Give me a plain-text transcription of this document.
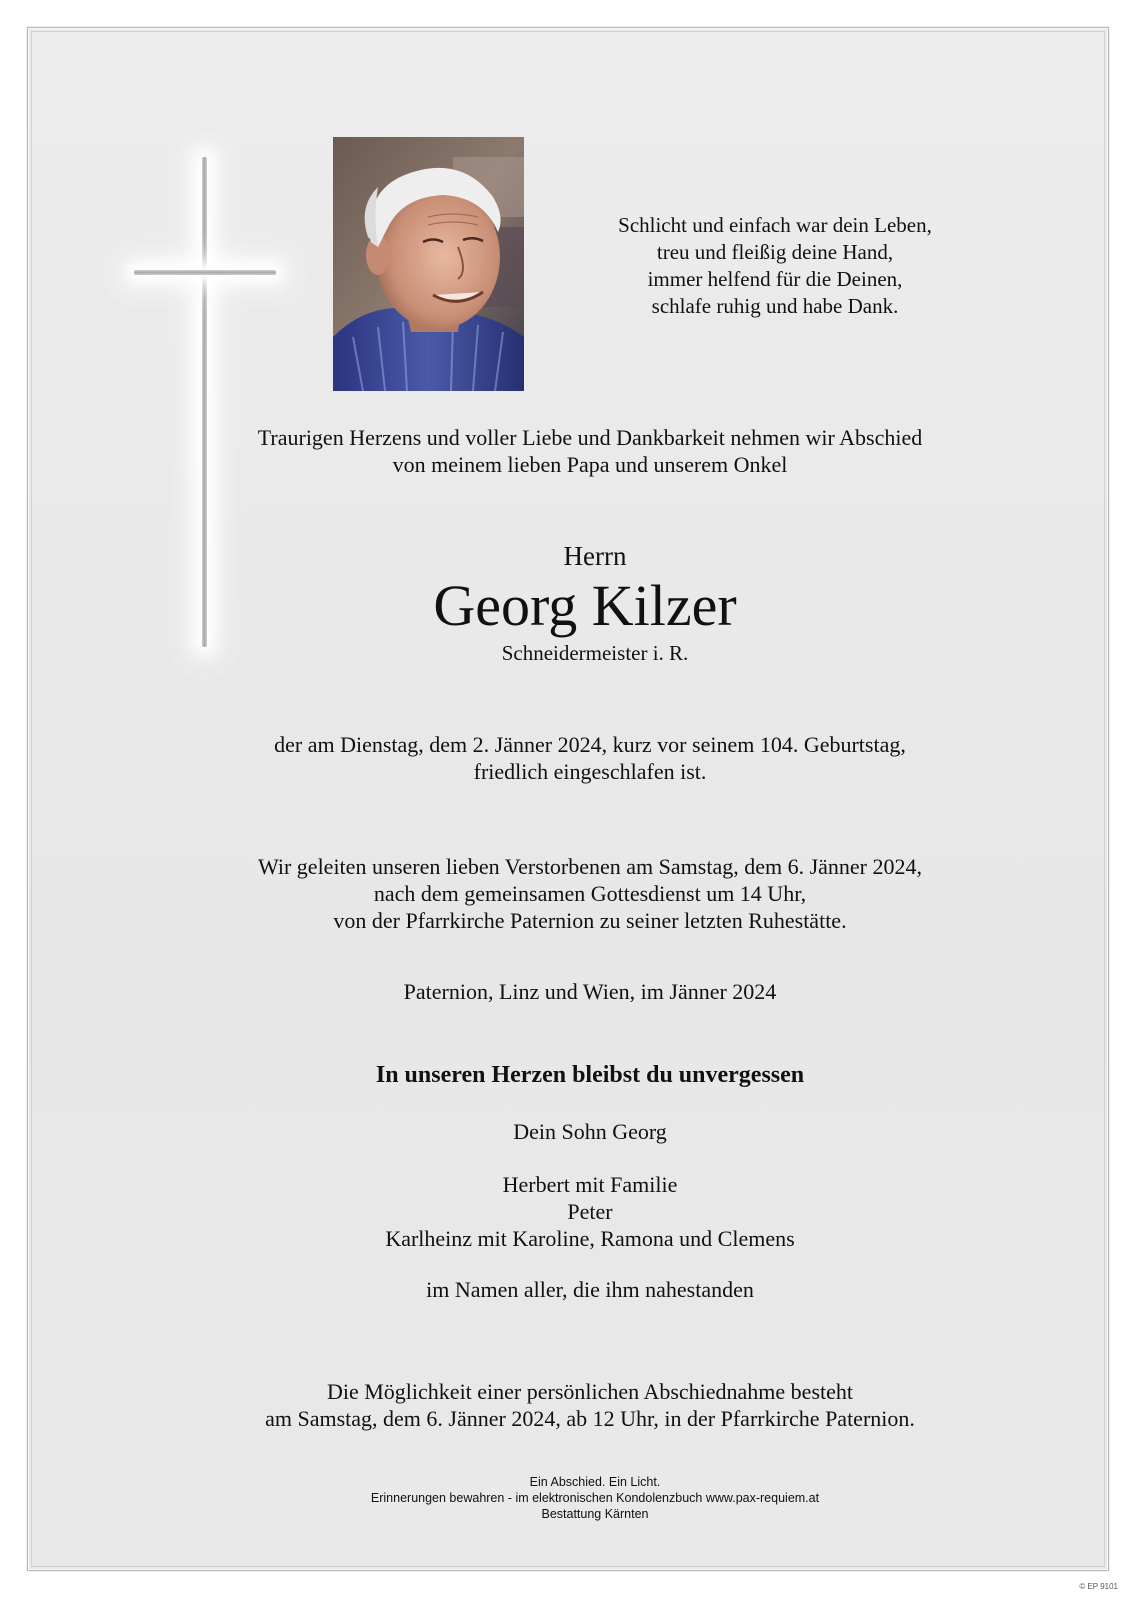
Schlicht und einfach war dein Leben,
treu und fleißig deine Hand,
immer helfend für die Deinen,
schlafe ruhig und habe Dank.
Traurigen Herzens und voller Liebe und Dankbarkeit nehmen wir Abschied
von meinem lieben Papa und unserem Onkel
Herrn
Georg Kilzer
Schneidermeister i. R.
der am Dienstag, dem 2. Jänner 2024, kurz vor seinem 104. Geburtstag,
friedlich eingeschlafen ist.
Wir geleiten unseren lieben Verstorbenen am Samstag, dem 6. Jänner 2024,
nach dem gemeinsamen Gottesdienst um 14 Uhr,
von der Pfarrkirche Paternion zu seiner letzten Ruhestätte.
Paternion, Linz und Wien, im Jänner 2024
In unseren Herzen bleibst du unvergessen
Dein Sohn Georg
Herbert mit Familie
Peter
Karlheinz mit Karoline, Ramona und Clemens
im Namen aller, die ihm nahestanden
Die Möglichkeit einer persönlichen Abschiednahme besteht
am Samstag, dem 6. Jänner 2024, ab 12 Uhr, in der Pfarrkirche Paternion.
Ein Abschied. Ein Licht.
Erinnerungen bewahren - im elektronischen Kondolenzbuch www.pax-requiem.at
Bestattung Kärnten
© EP 9101
